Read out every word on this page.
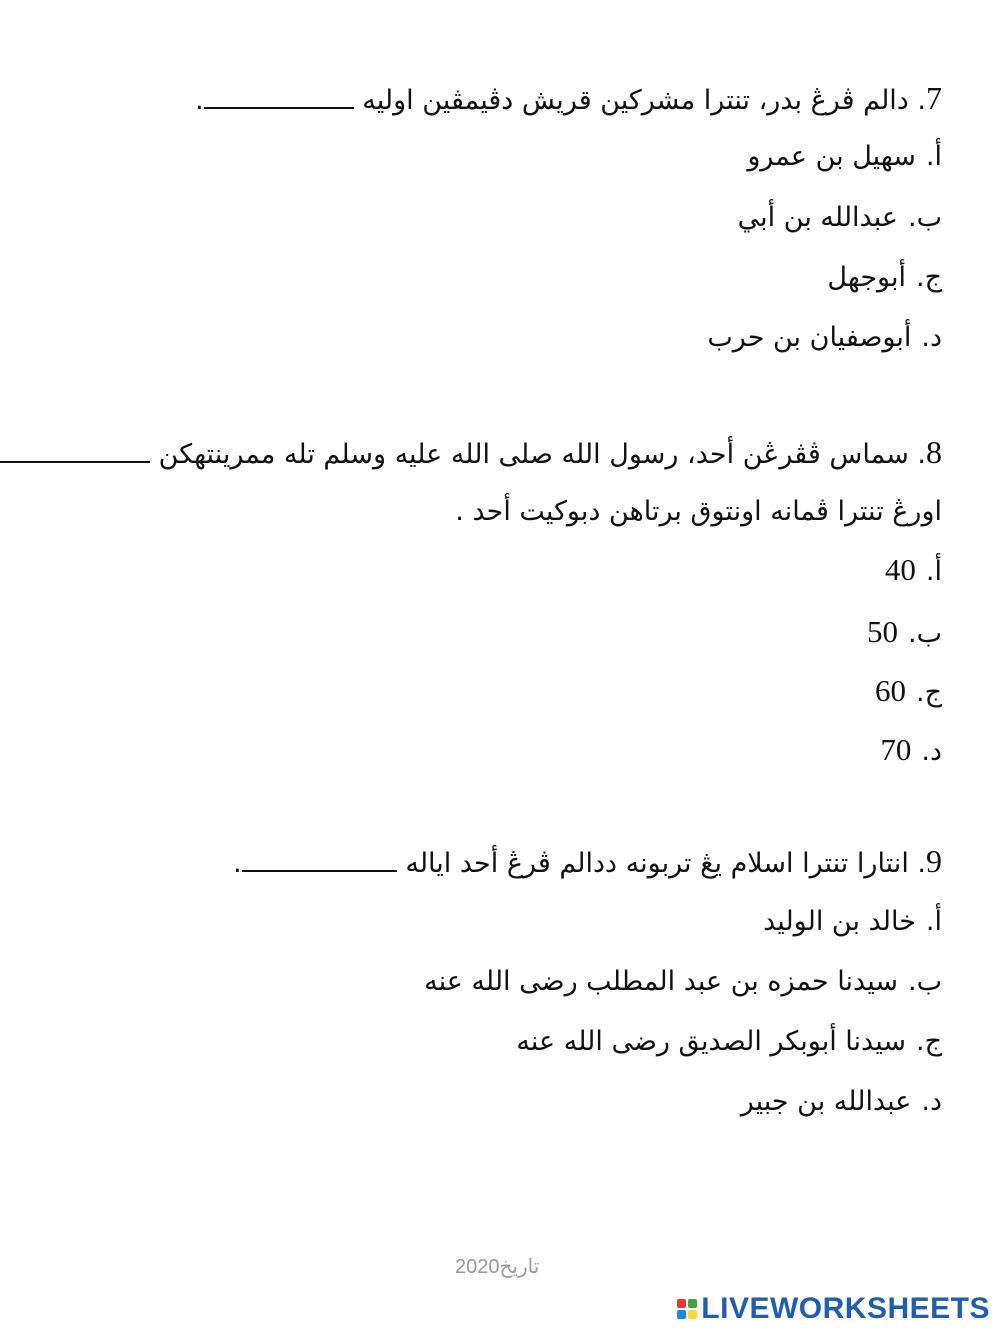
7. دالم ڤرڠ بدر، تنترا مشركين قريش دڤيمڤين اوليه .
أ.سهيل بن عمرو
ب.عبدالله بن أبي
ج.أبوجهل
د.أبوصفيان بن حرب
8. سماس ڤڤرڠن أحد، رسول الله صلى الله عليه وسلم تله ممرينتهكن
اورڠ تنترا ڤمانه اونتوق برتاهن دبوكيت أحد .
أ.40
ب.50
ج.60
د.70
9. انتارا تنترا اسلام يڠ تربونه ددالم ڤرڠ أحد اياله .
أ.خالد بن الوليد
ب.سيدنا حمزه بن عبد المطلب رضى الله عنه
ج.سيدنا أبوبكر الصديق رضى الله عنه
د.عبدالله بن جبير
تاريخ2020
LIVEWORKSHEETS
